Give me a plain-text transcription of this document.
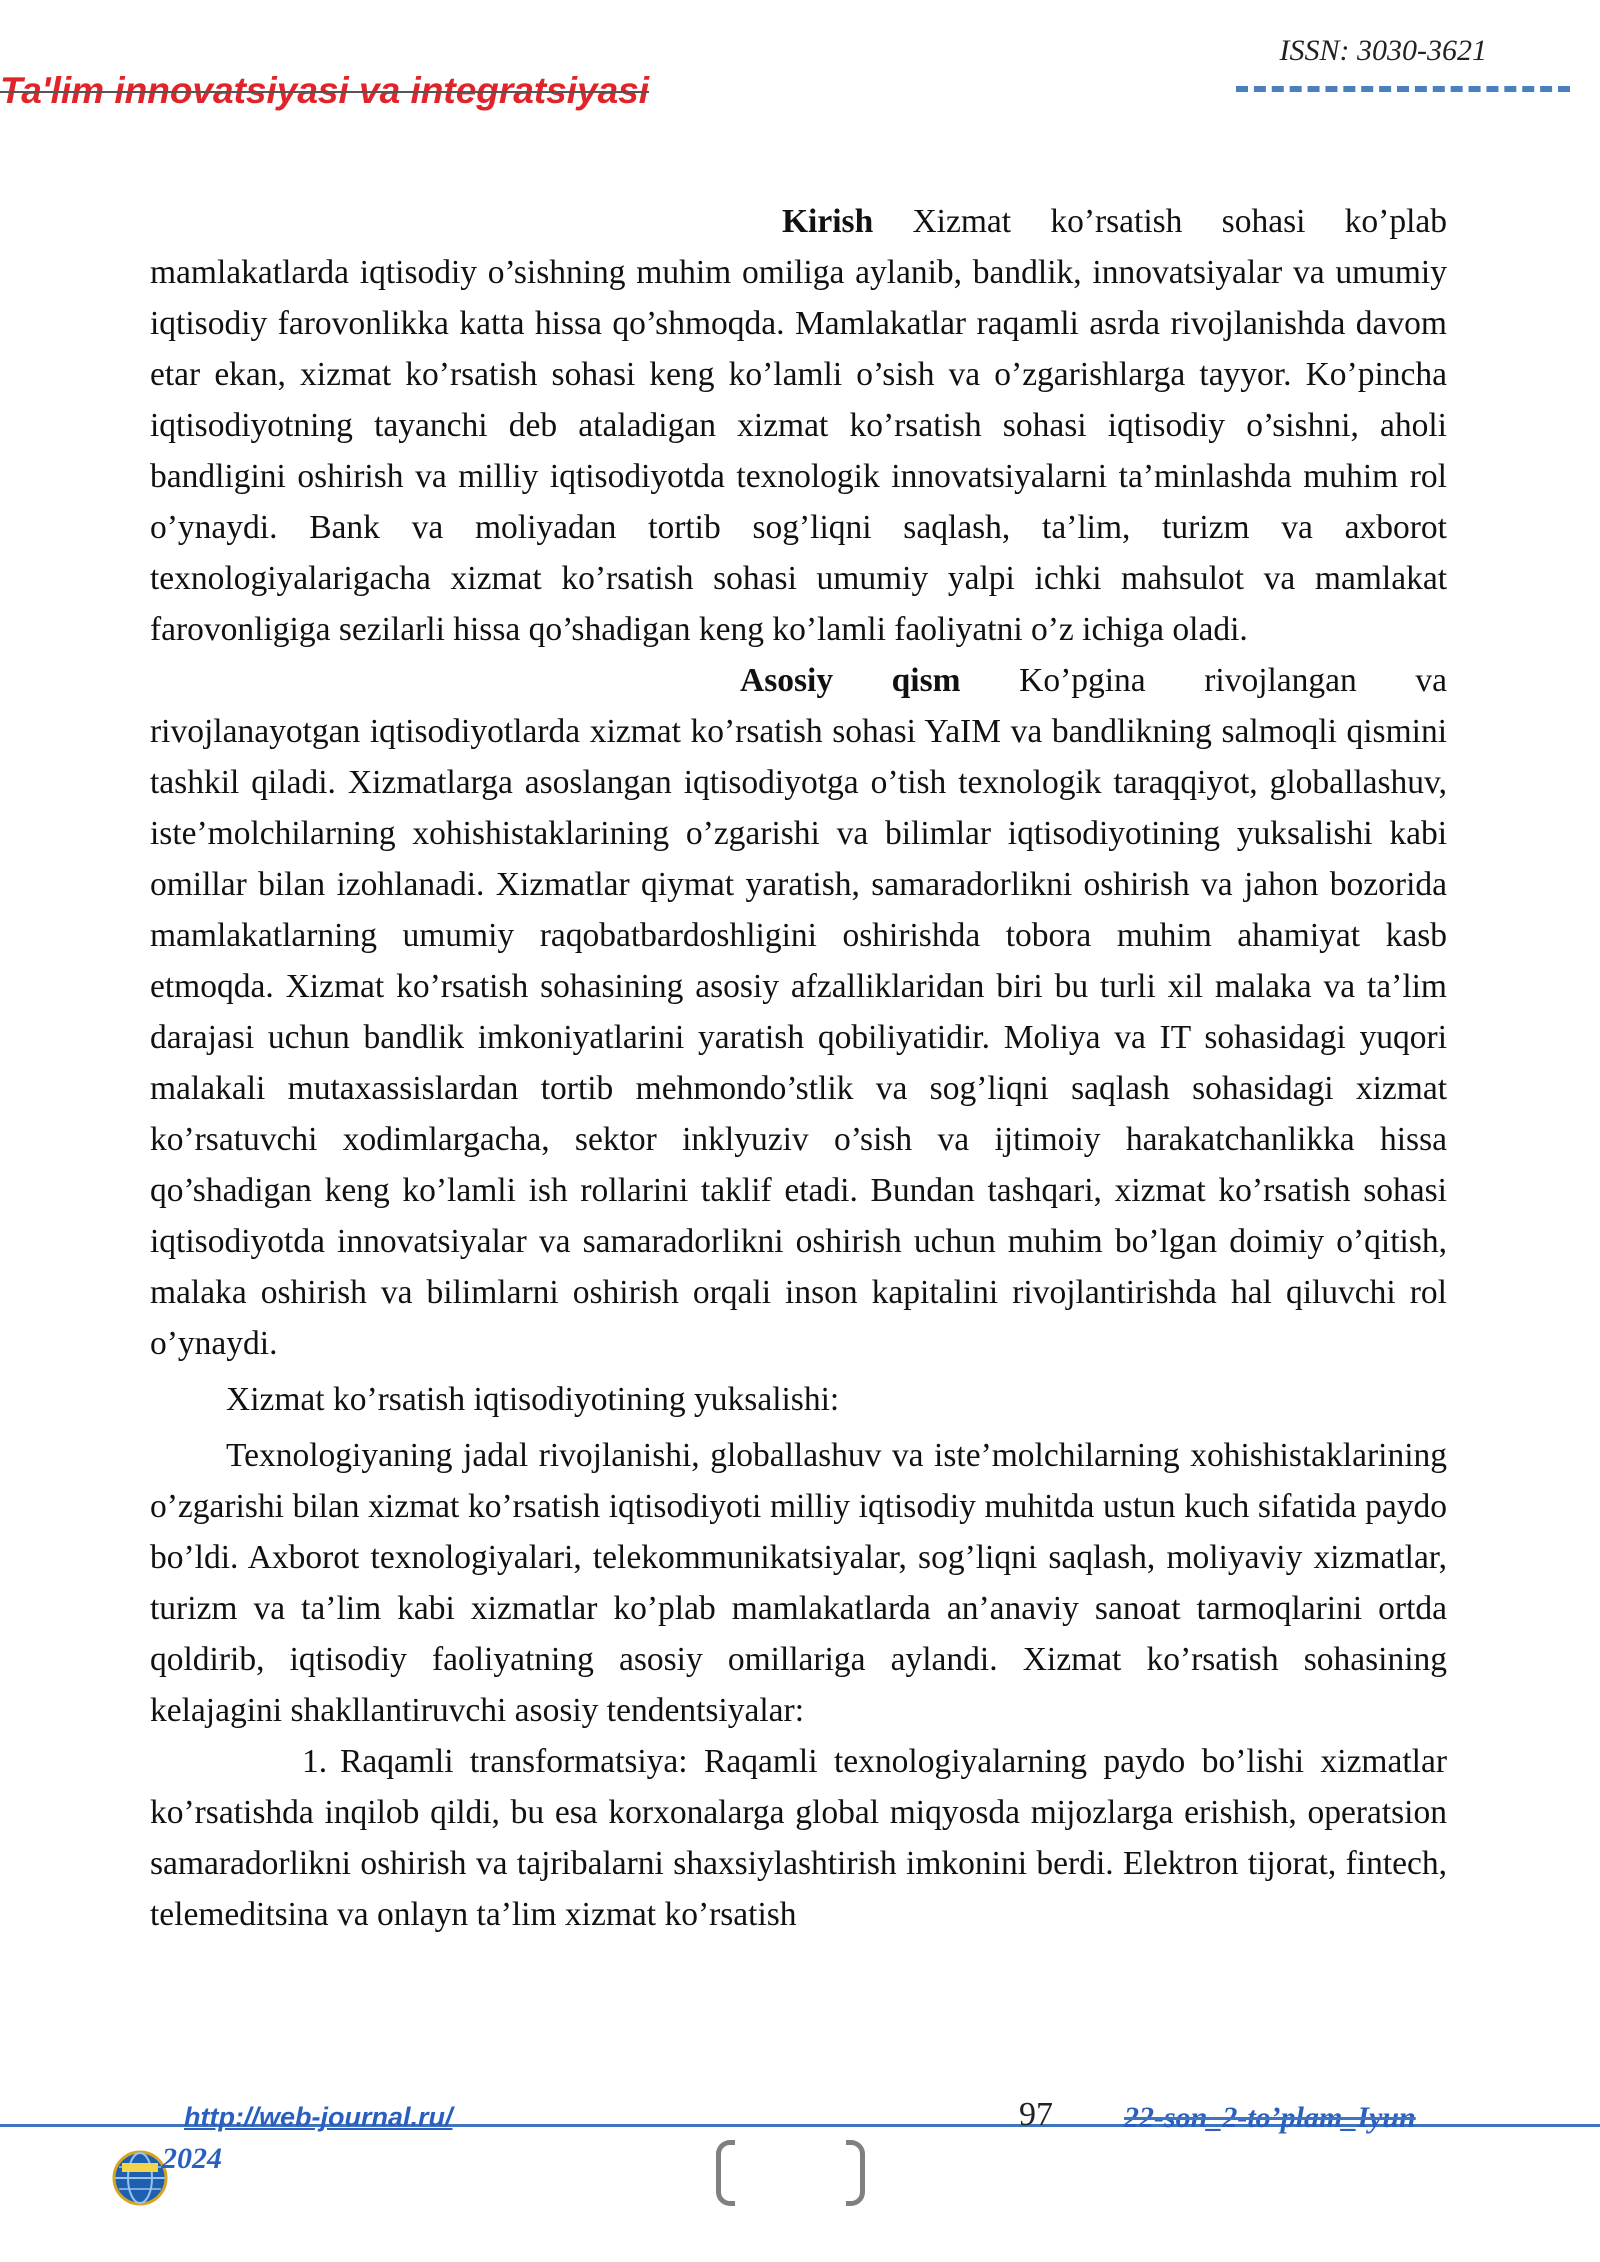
Ta'lim innovatsiyasi va integratsiyasi
ISSN: 3030-3621

Kirish Xizmat ko’rsatish sohasi ko’plab mamlakatlarda iqtisodiy o’sishning muhim omiliga aylanib, bandlik, innovatsiyalar va umumiy iqtisodiy farovonlikka katta hissa qo’shmoqda. Mamlakatlar raqamli asrda rivojlanishda davom etar ekan, xizmat ko’rsatish sohasi keng ko’lamli o’sish va o’zgarishlarga tayyor. Ko’pincha iqtisodiyotning tayanchi deb ataladigan xizmat ko’rsatish sohasi iqtisodiy o’sishni, aholi bandligini oshirish va milliy iqtisodiyotda texnologik innovatsiyalarni ta’minlashda muhim rol o’ynaydi. Bank va moliyadan tortib sog’liqni saqlash, ta’lim, turizm va axborot texnologiyalarigacha xizmat ko’rsatish sohasi umumiy yalpi ichki mahsulot va mamlakat farovonligiga sezilarli hissa qo’shadigan keng ko’lamli faoliyatni o’z ichiga oladi.

Asosiy qism Ko’pgina rivojlangan va rivojlanayotgan iqtisodiyotlarda xizmat ko’rsatish sohasi YaIM va bandlikning salmoqli qismini tashkil qiladi. Xizmatlarga asoslangan iqtisodiyotga o’tish texnologik taraqqiyot, globallashuv, iste’molchilarning xohishistaklarining o’zgarishi va bilimlar iqtisodiyotining yuksalishi kabi omillar bilan izohlanadi. Xizmatlar qiymat yaratish, samaradorlikni oshirish va jahon bozorida mamlakatlarning umumiy raqobatbardoshligini oshirishda tobora muhim ahamiyat kasb etmoqda. Xizmat ko’rsatish sohasining asosiy afzalliklaridan biri bu turli xil malaka va ta’lim darajasi uchun bandlik imkoniyatlarini yaratish qobiliyatidir. Moliya va IT sohasidagi yuqori malakali mutaxassislardan tortib mehmondo’stlik va sog’liqni saqlash sohasidagi xizmat ko’rsatuvchi xodimlargacha, sektor inklyuziv o’sish va ijtimoiy harakatchanlikka hissa qo’shadigan keng ko’lamli ish rollarini taklif etadi. Bundan tashqari, xizmat ko’rsatish sohasi iqtisodiyotda innovatsiyalar va samaradorlikni oshirish uchun muhim bo’lgan doimiy o’qitish, malaka oshirish va bilimlarni oshirish orqali inson kapitalini rivojlantirishda hal qiluvchi rol o’ynaydi.

Xizmat ko’rsatish iqtisodiyotining yuksalishi:

Texnologiyaning jadal rivojlanishi, globallashuv va iste’molchilarning xohishistaklarining o’zgarishi bilan xizmat ko’rsatish iqtisodiyoti milliy iqtisodiy muhitda ustun kuch sifatida paydo bo’ldi. Axborot texnologiyalari, telekommunikatsiyalar, sog’liqni saqlash, moliyaviy xizmatlar, turizm va ta’lim kabi xizmatlar ko’plab mamlakatlarda an’anaviy sanoat tarmoqlarini ortda qoldirib, iqtisodiy faoliyatning asosiy omillariga aylandi. Xizmat ko’rsatish sohasining kelajagini shakllantiruvchi asosiy tendentsiyalar:

1. Raqamli transformatsiya: Raqamli texnologiyalarning paydo bo’lishi xizmatlar ko’rsatishda inqilob qildi, bu esa korxonalarga global miqyosda mijozlarga erishish, operatsion samaradorlikni oshirish va tajribalarni shaxsiylashtirish imkonini berdi. Elektron tijorat, fintech, telemeditsina va onlayn ta’lim xizmat ko’rsatish

http://web-journal.ru/	97 22-son_2-to’plam_Iyun
2024
